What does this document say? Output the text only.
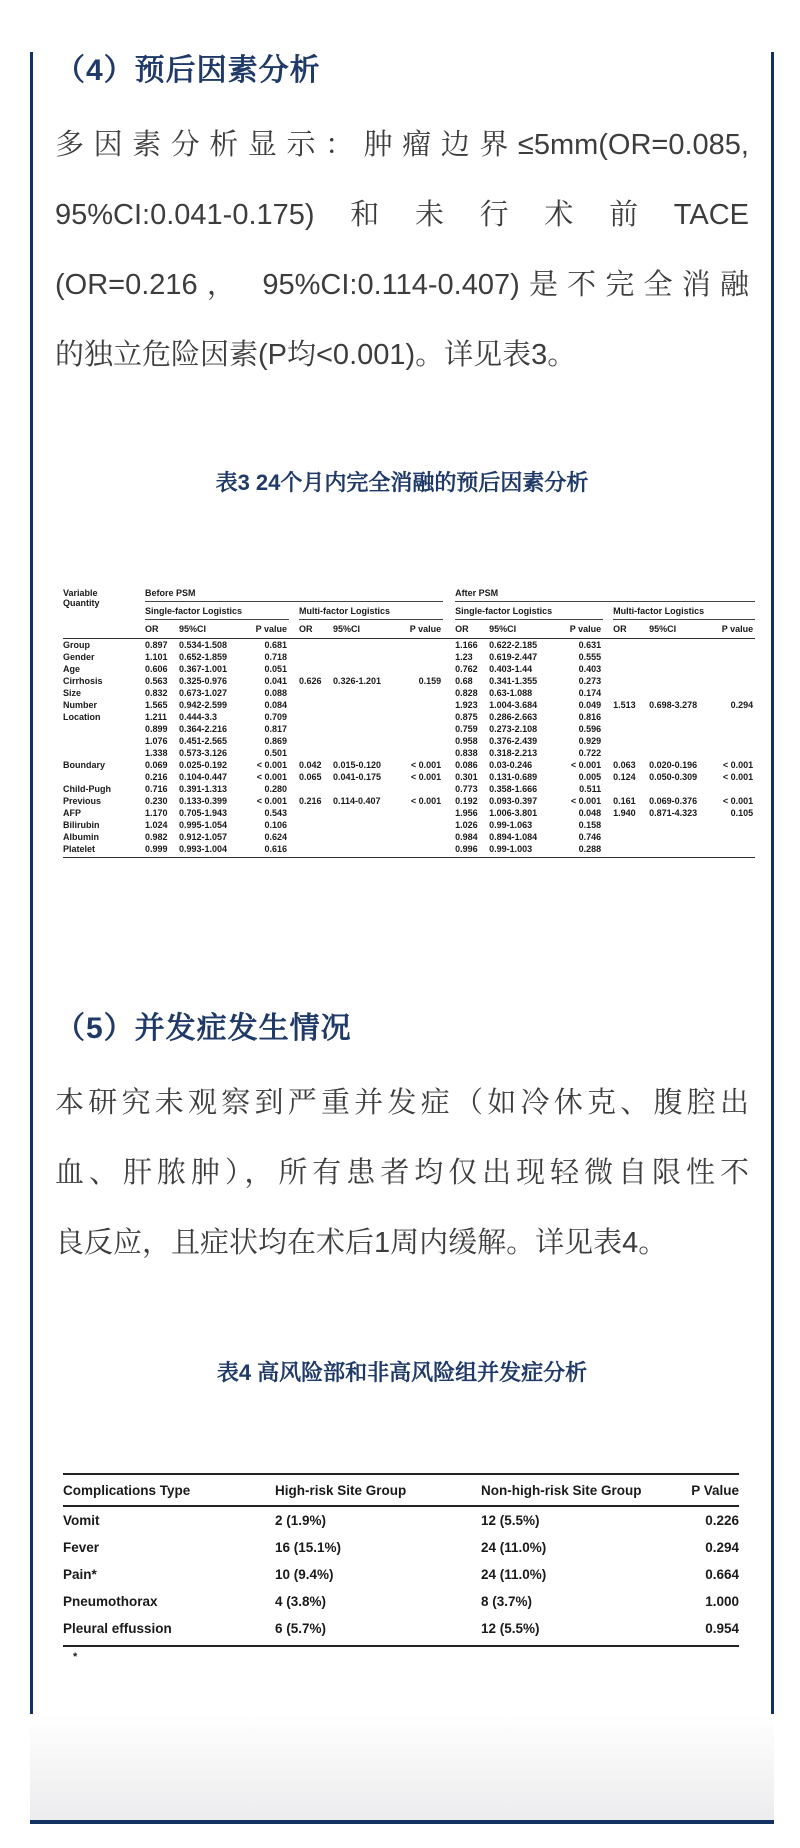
（4）预后因素分析
多因素分析显示：肿瘤边界≤5mm(OR=0.085,
95%CI:0.041-0.175)和未行术前TACE
(OR=0.216， 95%CI:0.114-0.407)是不完全消融
的独立危险因素(P均<0.001)。详见表3。
表3 24个月内完全消融的预后因素分析
Variable
Quantity	Before PSM								After PSM						
	Single-factor Logistics				Multi-factor Logistics				Single-factor Logistics				Multi-factor Logistics		
	OR	95%CI	P value		OR	95%CI	P value		OR	95%CI	P value		OR	95%CI	P value
Group	0.897	0.534-1.508	0.681						1.166	0.622-2.185	0.631				
Gender	1.101	0.652-1.859	0.718						1.23	0.619-2.447	0.555				
Age	0.606	0.367-1.001	0.051						0.762	0.403-1.44	0.403				
Cirrhosis	0.563	0.325-0.976	0.041		0.626	0.326-1.201	0.159		0.68	0.341-1.355	0.273				
Size	0.832	0.673-1.027	0.088						0.828	0.63-1.088	0.174				
Number	1.565	0.942-2.599	0.084						1.923	1.004-3.684	0.049		1.513	0.698-3.278	0.294
Location	1.211	0.444-3.3	0.709						0.875	0.286-2.663	0.816				
	0.899	0.364-2.216	0.817						0.759	0.273-2.108	0.596				
	1.076	0.451-2.565	0.869						0.958	0.376-2.439	0.929				
	1.338	0.573-3.126	0.501						0.838	0.318-2.213	0.722				
Boundary	0.069	0.025-0.192	< 0.001		0.042	0.015-0.120	< 0.001		0.086	0.03-0.246	< 0.001		0.063	0.020-0.196	< 0.001
	0.216	0.104-0.447	< 0.001		0.065	0.041-0.175	< 0.001		0.301	0.131-0.689	0.005		0.124	0.050-0.309	< 0.001
Child-Pugh	0.716	0.391-1.313	0.280						0.773	0.358-1.666	0.511				
Previous	0.230	0.133-0.399	< 0.001		0.216	0.114-0.407	< 0.001		0.192	0.093-0.397	< 0.001		0.161	0.069-0.376	< 0.001
AFP	1.170	0.705-1.943	0.543						1.956	1.006-3.801	0.048		1.940	0.871-4.323	0.105
Bilirubin	1.024	0.995-1.054	0.106						1.026	0.99-1.063	0.158				
Albumin	0.982	0.912-1.057	0.624						0.984	0.894-1.084	0.746				
Platelet	0.999	0.993-1.004	0.616						0.996	0.99-1.003	0.288				
（5）并发症发生情况
本研究未观察到严重并发症（如冷休克、腹腔出
血、肝脓肿），所有患者均仅出现轻微自限性不
良反应，且症状均在术后1周内缓解。详见表4。
表4 高风险部和非高风险组并发症分析
Complications Type	High-risk Site Group	Non-high-risk Site Group	P Value
Vomit	2 (1.9%)	12 (5.5%)	0.226
Fever	16 (15.1%)	24 (11.0%)	0.294
Pain*	10 (9.4%)	24 (11.0%)	0.664
Pneumothorax	4 (3.8%)	8 (3.7%)	1.000
Pleural effussion	6 (5.7%)	12 (5.5%)	0.954
*
